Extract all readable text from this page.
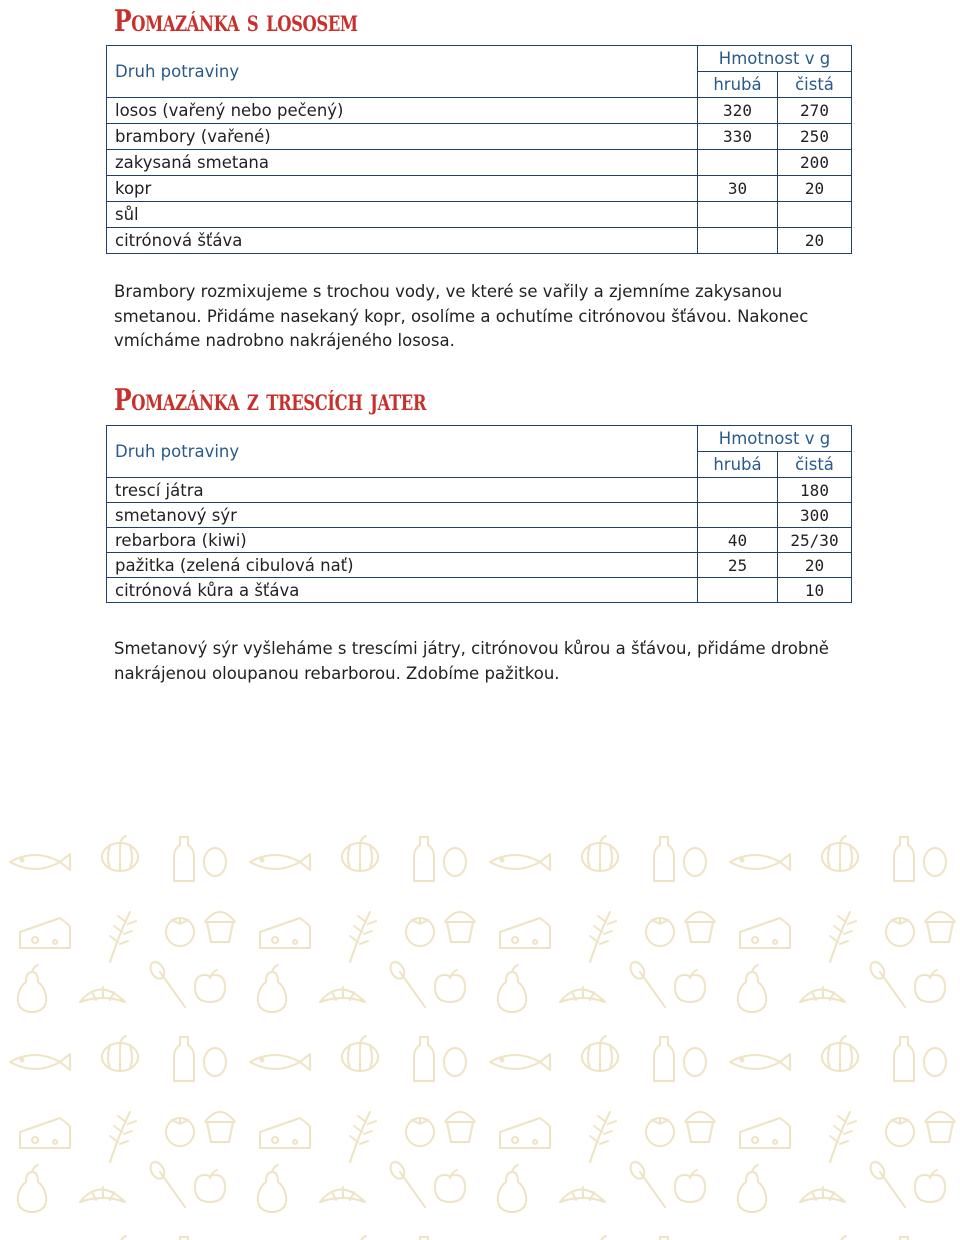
Pomazánka s lososem
Druh potraviny	Hmotnost v g	
	hrubá	čistá
losos (vařený nebo pečený)	320	270
brambory (vařené)	330	250
zakysaná smetana		200
kopr	30	20
sůl		
citrónová šťáva		20

Brambory rozmixujeme s trochou vody, ve které se vařily a zjemníme zakysanou smetanou. Přidáme nasekaný kopr, osolíme a ochutíme citrónovou šťávou. Nakonec vmícháme nadrobno nakrájeného lososa.

Pomazánka z trescích jater
Druh potraviny	Hmotnost v g	
	hrubá	čistá
trescí játra		180
smetanový sýr		300
rebarbora (kiwi)	40	25/30
pažitka (zelená cibulová nať)	25	20
citrónová kůra a šťáva		10

Smetanový sýr vyšleháme s trescími játry, citrónovou kůrou a šťávou, přidáme drobně nakrájenou oloupanou rebarborou. Zdobíme pažitkou.
